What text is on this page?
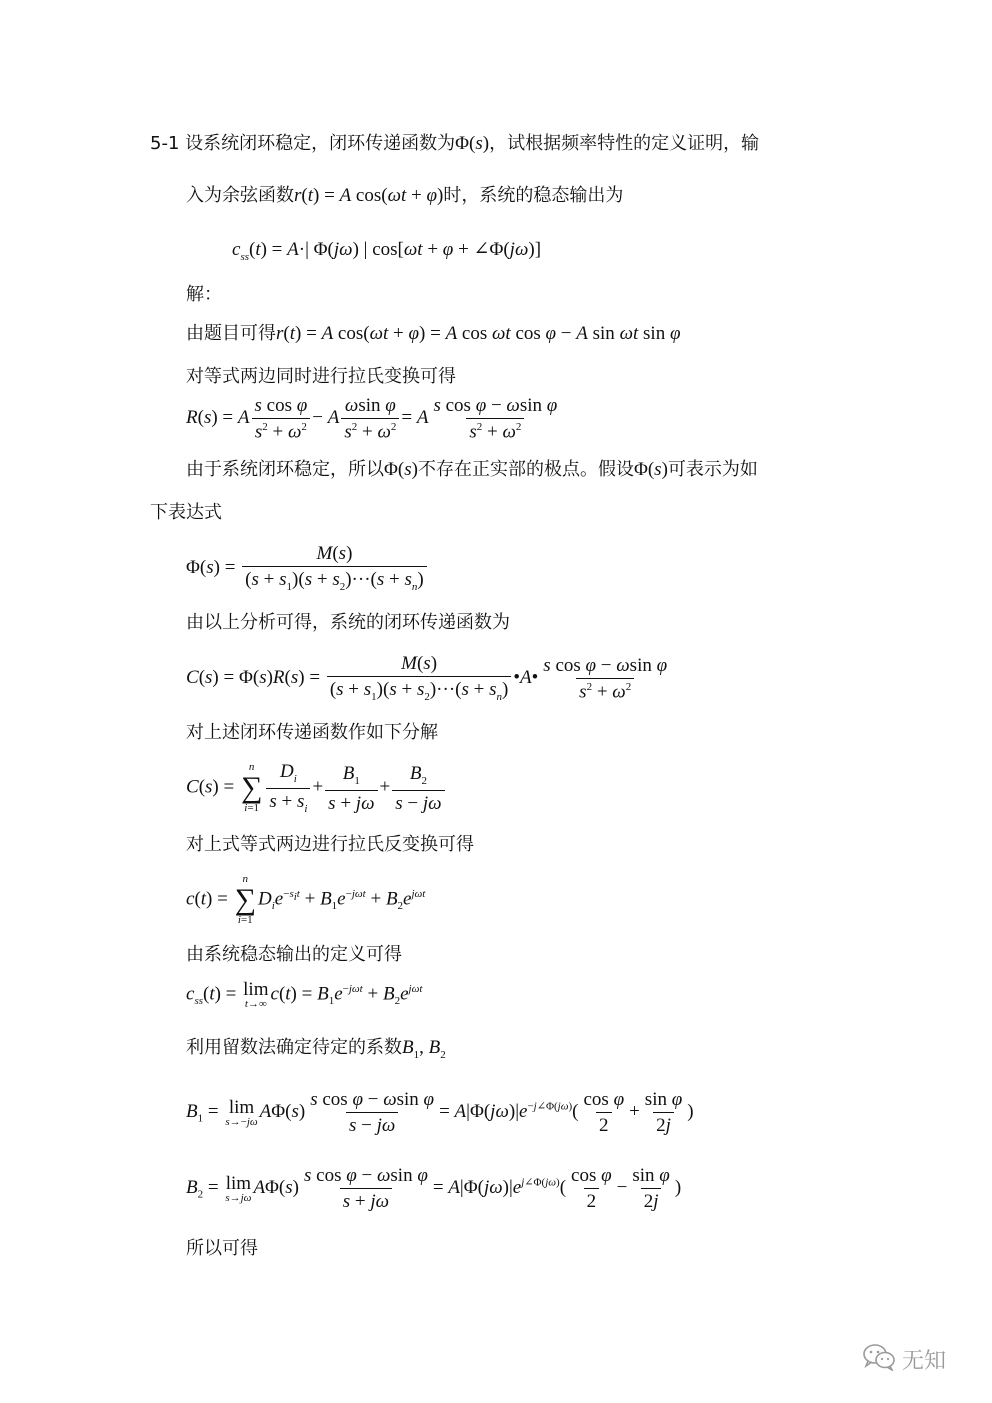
5-1 设系统闭环稳定，闭环传递函数为Φ(s)，试根据频率特性的定义证明，输
入为余弦函数r(t) = A cos(ωt + φ)时，系统的稳态输出为
$c_{ss}(t) = A\cdot|$ Φ(jω) | cos[ωt + φ + ∠Φ(jω)]
解：
由题目可得r(t) = A cos(ωt + φ) = A cos ωt cos φ − A sin ωt sin φ
对等式两边同时进行拉氏变换可得
R(s) = A $\frac{\text{s cos φ}}{s^2 + \omega^2} - A \frac{\text{ωsin φ}}{s^2 + \omega^2} = A \frac{\text{s cos φ − ωsin φ}}{s^2 + \omega^2}$
由于系统闭环稳定，所以Φ(s)不存在正实部的极点。假设Φ(s)可表示为如
下表达式
$\Phi(s) = \frac{M(s)}{(s + s_1)(s + s_2)\cdot\cdot\cdot(s + s_n)}$
由以上分析可得，系统的闭环传递函数为
$C(s) = \Phi(s)R(s) = \frac{M(s)}{(s + s_1)(s + s_2)\cdot\cdot\cdot(s + s_n)}$ •A• $\frac{\text{s cos φ − ωsin φ}}{s^2 + \omega^2}$
对上述闭环传递函数作如下分解
C(s) =
n
∑
$i=1 \frac{D_i}{s + s_i} + \frac{B_1}{s + j\omega} + \frac{B_2}{s - j\omega}$
对上式等式两边进行拉氏反变换可得
c(t) =
n
∑
i=1
$D_ie^{-s_it} + B_1e^{-j\omega t} + B_2e^{j\omega t}$
由系统稳态输出的定义可得
$c_{ss}(t) = \lim$
t→∞ $c(t) = B_1e^{-j\omega t} + B_2e^{j\omega t}$
利用留数法确定待定的系数$B_1$, $B_2$
$B_1 = \lim$
s→−jω $A\Phi(s) \frac{\text{s cos φ − ωsin φ}}{s - j\omega} = A|\Phi(j\omega)|e^{-j\angle\Phi(j\omega)}( \frac{\text{cos φ}}{2} + \frac{\text{sin φ}}{2j}$ )
$B_2 = \lim$
s→jω $A\Phi(s) \frac{\text{s cos φ − ωsin φ}}{s + j\omega} = A|\Phi(j\omega)|e^{j\angle\Phi(j\omega)}( \frac{\text{cos φ}}{2} - \frac{\text{sin φ}}{2j}$ )
所以可得
无知
